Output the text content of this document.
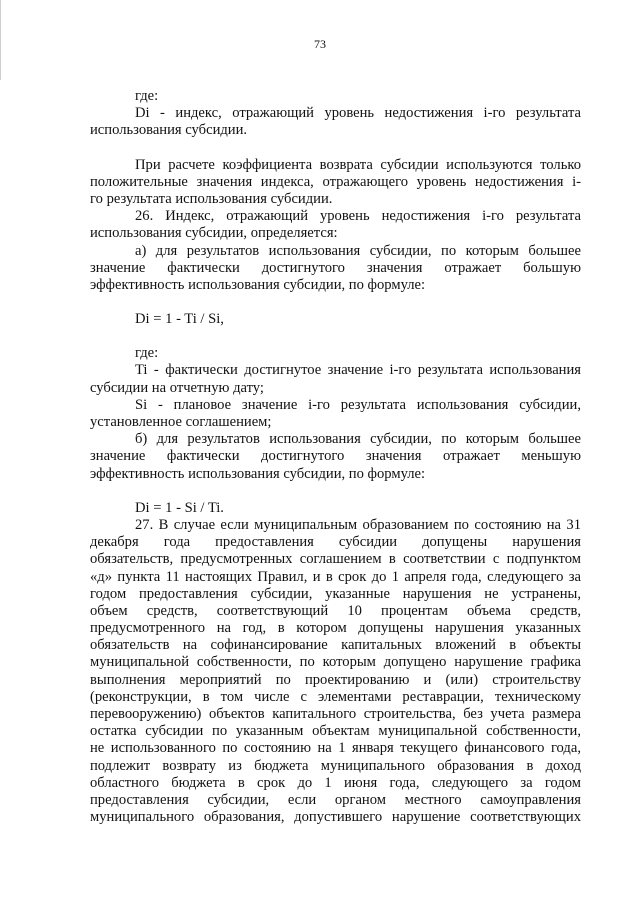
73
где:
Di - индекс, отражающий уровень недостижения i-го результата
использования субсидии.
При расчете коэффициента возврата субсидии используются только
положительные значения индекса, отражающего уровень недостижения i-
го результата использования субсидии.
26. Индекс, отражающий уровень недостижения i-го результата
использования субсидии, определяется:
а) для результатов использования субсидии, по которым большее
значение фактически достигнутого значения отражает большую
эффективность использования субсидии, по формуле:
Di = 1 - Ti / Si,
где:
Ti - фактически достигнутое значение i-го результата использования
субсидии на отчетную дату;
Si - плановое значение i-го результата использования субсидии,
установленное соглашением;
б) для результатов использования субсидии, по которым большее
значение фактически достигнутого значения отражает меньшую
эффективность использования субсидии, по формуле:
Di = 1 - Si / Ti.
27. В случае если муниципальным образованием по состоянию на 31
декабря года предоставления субсидии допущены нарушения
обязательств, предусмотренных соглашением в соответствии с подпунктом
«д» пункта 11 настоящих Правил, и в срок до 1 апреля года, следующего за
годом предоставления субсидии, указанные нарушения не устранены,
объем средств, соответствующий 10 процентам объема средств,
предусмотренного на год, в котором допущены нарушения указанных
обязательств на софинансирование капитальных вложений в объекты
муниципальной собственности, по которым допущено нарушение графика
выполнения мероприятий по проектированию и (или) строительству
(реконструкции, в том числе с элементами реставрации, техническому
перевооружению) объектов капитального строительства, без учета размера
остатка субсидии по указанным объектам муниципальной собственности,
не использованного по состоянию на 1 января текущего финансового года,
подлежит возврату из бюджета муниципального образования в доход
областного бюджета в срок до 1 июня года, следующего за годом
предоставления субсидии, если органом местного самоуправления
муниципального образования, допустившего нарушение соответствующих
